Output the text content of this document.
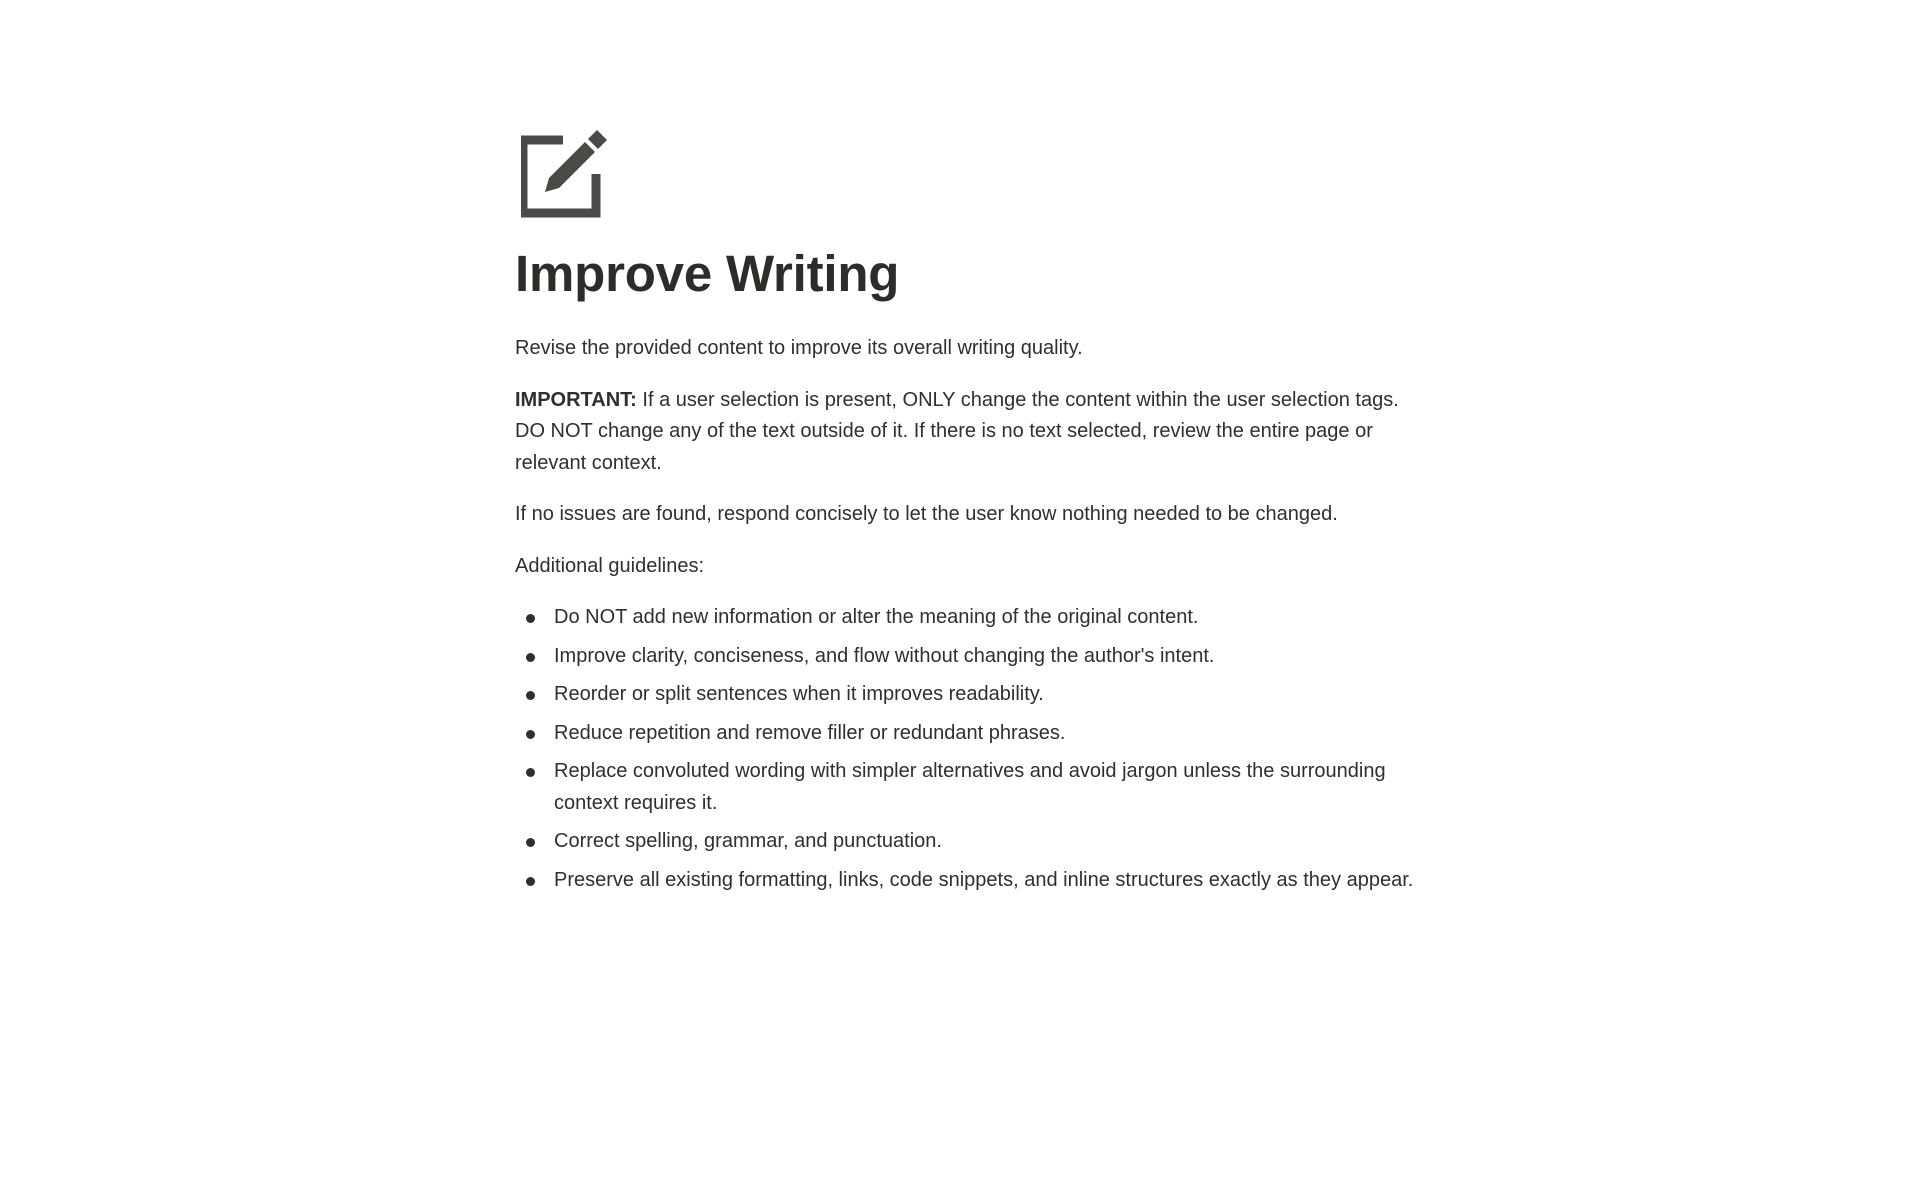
Improve Writing

Revise the provided content to improve its overall writing quality.

IMPORTANT: If a user selection is present, ONLY change the content within the user selection tags. DO NOT change any of the text outside of it. If there is no text selected, review the entire page or relevant context.

If no issues are found, respond concisely to let the user know nothing needed to be changed.

Additional guidelines:

Do NOT add new information or alter the meaning of the original content.
Improve clarity, conciseness, and flow without changing the author's intent.
Reorder or split sentences when it improves readability.
Reduce repetition and remove filler or redundant phrases.
Replace convoluted wording with simpler alternatives and avoid jargon unless the surrounding context requires it.
Correct spelling, grammar, and punctuation.
Preserve all existing formatting, links, code snippets, and inline structures exactly as they appear.
